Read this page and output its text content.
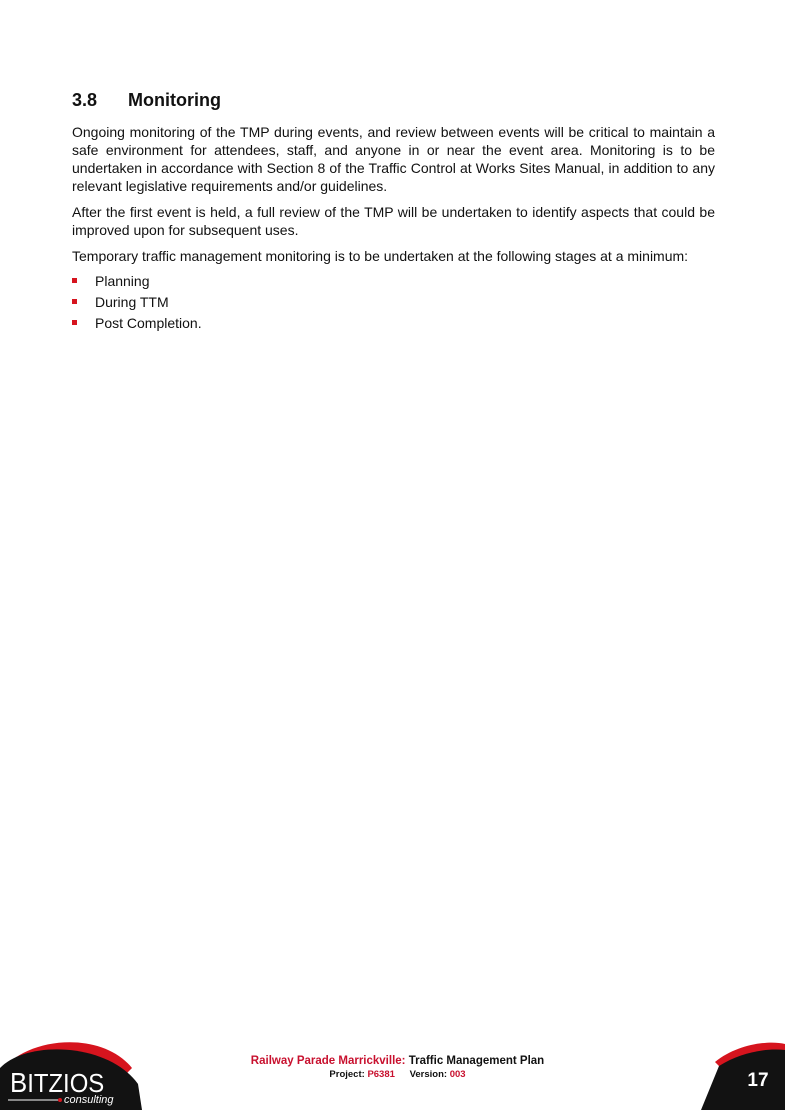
3.8	Monitoring

Ongoing monitoring of the TMP during events, and review between events will be critical to maintain a safe environment for attendees, staff, and anyone in or near the event area. Monitoring is to be undertaken in accordance with Section 8 of the Traffic Control at Works Sites Manual, in addition to any relevant legislative requirements and/or guidelines.

After the first event is held, a full review of the TMP will be undertaken to identify aspects that could be improved upon for subsequent uses.

Temporary traffic management monitoring is to be undertaken at the following stages at a minimum:

Planning
During TTM
Post Completion.
BITZIOS
consulting
Railway Parade Marrickville: Traffic Management Plan
Project: P6381 Version: 003	17
